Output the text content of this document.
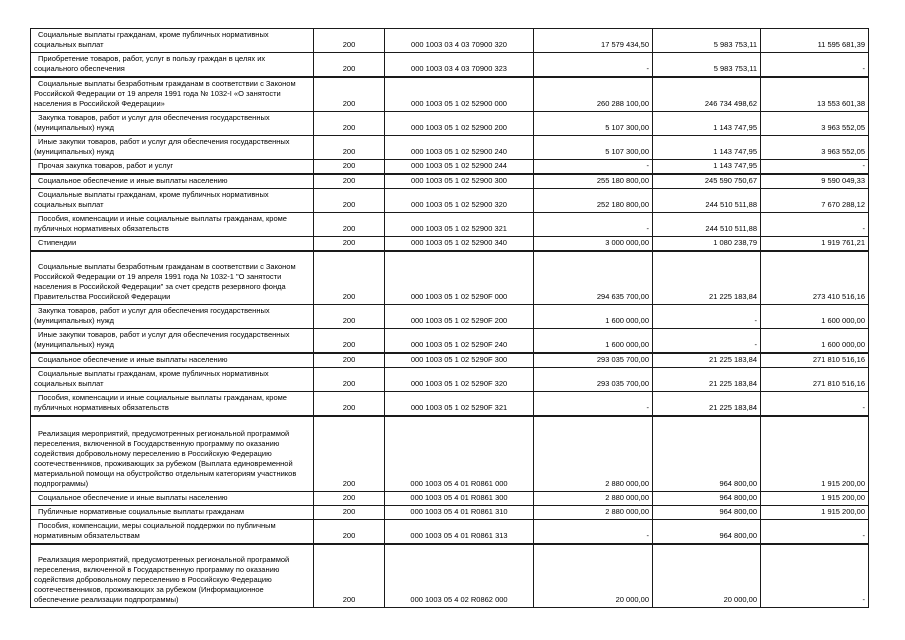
Социальные выплаты гражданам, кроме публичных нормативных социальных выплат	200	000 1003 03 4 03 70900 320	17 579 434,50	5 983 753,11	11 595 681,39
Приобретение товаров, работ, услуг в пользу граждан в целях их социального обеспечения	200	000 1003 03 4 03 70900 323	-	5 983 753,11	-
Социальные выплаты безработным гражданам в соответствии с Законом Российской Федерации от 19 апреля 1991 года № 1032-I «О занятости населения в Российской Федерации»	200	000 1003 05 1 02 52900 000	260 288 100,00	246 734 498,62	13 553 601,38
Закупка товаров, работ и услуг для обеспечения государственных (муниципальных) нужд	200	000 1003 05 1 02 52900 200	5 107 300,00	1 143 747,95	3 963 552,05
Иные закупки товаров, работ и услуг для обеспечения государственных (муниципальных) нужд	200	000 1003 05 1 02 52900 240	5 107 300,00	1 143 747,95	3 963 552,05
Прочая закупка товаров, работ и услуг	200	000 1003 05 1 02 52900 244	-	1 143 747,95	-
Социальное обеспечение и иные выплаты населению	200	000 1003 05 1 02 52900 300	255 180 800,00	245 590 750,67	9 590 049,33
Социальные выплаты гражданам, кроме публичных нормативных социальных выплат	200	000 1003 05 1 02 52900 320	252 180 800,00	244 510 511,88	7 670 288,12
Пособия, компенсации и иные социальные выплаты гражданам, кроме публичных нормативных обязательств	200	000 1003 05 1 02 52900 321	-	244 510 511,88	-
Стипендии	200	000 1003 05 1 02 52900 340	3 000 000,00	1 080 238,79	1 919 761,21
Социальные выплаты безработным гражданам в соответствии с Законом Российской Федерации от 19 апреля 1991 года № 1032-1 "О занятости населения в Российской Федерации" за счет средств резервного фонда Правительства Российской Федерации	200	000 1003 05 1 02 5290F 000	294 635 700,00	21 225 183,84	273 410 516,16
Закупка товаров, работ и услуг для обеспечения государственных (муниципальных) нужд	200	000 1003 05 1 02 5290F 200	1 600 000,00	-	1 600 000,00
Иные закупки товаров, работ и услуг для обеспечения государственных (муниципальных) нужд	200	000 1003 05 1 02 5290F 240	1 600 000,00	-	1 600 000,00
Социальное обеспечение и иные выплаты населению	200	000 1003 05 1 02 5290F 300	293 035 700,00	21 225 183,84	271 810 516,16
Социальные выплаты гражданам, кроме публичных нормативных социальных выплат	200	000 1003 05 1 02 5290F 320	293 035 700,00	21 225 183,84	271 810 516,16
Пособия, компенсации и иные социальные выплаты гражданам, кроме публичных нормативных обязательств	200	000 1003 05 1 02 5290F 321	-	21 225 183,84	-
Реализация мероприятий, предусмотренных региональной программой переселения, включенной в Государственную программу по оказанию содействия добровольному переселению в Российскую Федерацию соотечественников, проживающих за рубежом (Выплата единовременной материальной помощи на обустройство отдельным категориям участников подпрограммы)	200	000 1003 05 4 01 R0861 000	2 880 000,00	964 800,00	1 915 200,00
Социальное обеспечение и иные выплаты населению	200	000 1003 05 4 01 R0861 300	2 880 000,00	964 800,00	1 915 200,00
Публичные нормативные социальные выплаты гражданам	200	000 1003 05 4 01 R0861 310	2 880 000,00	964 800,00	1 915 200,00
Пособия, компенсации, меры социальной поддержки по публичным нормативным обязательствам	200	000 1003 05 4 01 R0861 313	-	964 800,00	-
Реализация мероприятий, предусмотренных региональной программой переселения, включенной в Государственную программу по оказанию содействия добровольному переселению в Российскую Федерацию соотечественников, проживающих за рубежом (Информационное обеспечение реализации подпрограммы)	200	000 1003 05 4 02 R0862 000	20 000,00	20 000,00	-
